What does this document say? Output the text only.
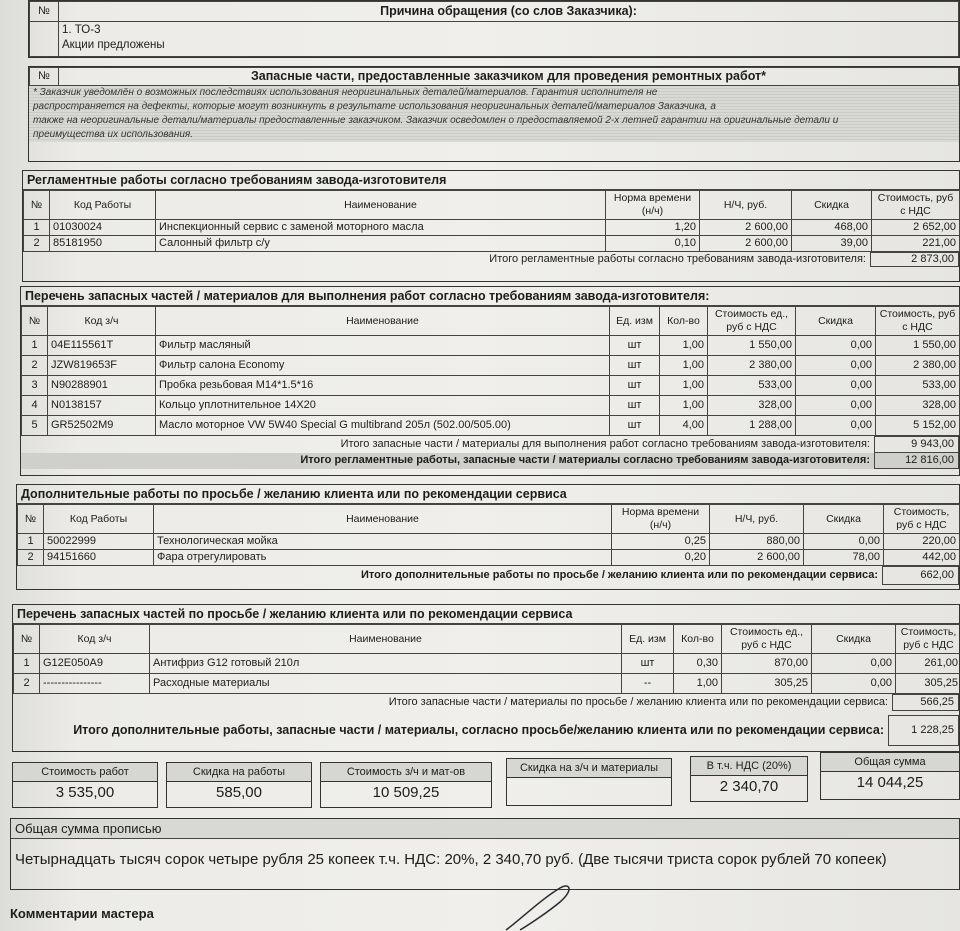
№	Причина обращения (со слов Заказчика):

	1. ТО-3
Акции предложены
№	Запасные части, предоставленные заказчиком для проведения ремонтных работ*
* Заказчик уведомлён о возможных последствиях использования неоригинальных деталей/материалов. Гарантия исполнителя не
распространяется на дефекты, которые могут возникнуть в результате использования неоригинальных деталей/материалов Заказчика, а
также на неоригинальные детали/материалы предоставленные заказчиком. Заказчик осведомлен о предоставляемой 2-х летней гарантии на оригинальные детали и
преимущества их использования.
Регламентные работы согласно требованиям завода-изготовителя
№	Код Работы	Наименование	Норма времени (н/ч)	Н/Ч, руб.	Скидка	Стоимость, руб с НДС
1	01030024	Инспекционный сервис с заменой моторного масла	1,20	2 600,00	468,00	2 652,00
2	85181950	Салонный фильтр с/у	0,10	2 600,00	39,00	221,00
Итого регламентные работы согласно требованиям завода-изготовителя:	2 873,00
Перечень запасных частей / материалов для выполнения работ согласно требованиям завода-изготовителя:
№	Код з/ч	Наименование	Ед. изм	Кол-во	Стоимость ед., руб с НДС	Скидка	Стоимость, руб с НДС
1	04E115561T	Фильтр масляный	шт	1,00	1 550,00	0,00	1 550,00
2	JZW819653F	Фильтр салона Economy	шт	1,00	2 380,00	0,00	2 380,00
3	N90288901	Пробка резьбовая M14*1.5*16	шт	1,00	533,00	0,00	533,00
4	N0138157	Кольцо уплотнительное 14X20	шт	1,00	328,00	0,00	328,00
5	GR52502M9	Масло моторное VW 5W40 Special G multibrand 205л (502.00/505.00)	шт	4,00	1 288,00	0,00	5 152,00
Итого запасные части / материалы для выполнения работ согласно требованиям завода-изготовителя:	9 943,00
Итого регламентные работы, запасные части / материалы согласно требованиям завода-изготовителя:	12 816,00
Дополнительные работы по просьбе / желанию клиента или по рекомендации сервиса
№	Код Работы	Наименование	Норма времени (н/ч)	Н/Ч, руб.	Скидка	Стоимость, руб с НДС
1	50022999	Технологическая мойка	0,25	880,00	0,00	220,00
2	94151660	Фара отрегулировать	0,20	2 600,00	78,00	442,00
Итого дополнительные работы по просьбе / желанию клиента или по рекомендации сервиса:	662,00
Перечень запасных частей по просьбе / желанию клиента или по рекомендации сервиса
№	Код з/ч	Наименование	Ед. изм	Кол-во	Стоимость ед., руб с НДС	Скидка	Стоимость, руб с НДС
1	G12E050A9	Антифриз G12 готовый 210л	шт	0,30	870,00	0,00	261,00
2	----------------	Расходные материалы	--	1,00	305,25	0,00	305,25
Итого запасные части / материалы по просьбе / желанию клиента или по рекомендации сервиса:	566,25
Итого дополнительные работы, запасные части / материалы, согласно просьбе/желанию клиента или по рекомендации сервиса:	1 228,25
Стоимость работ
3 535,00
Скидка на работы
585,00
Стоимость з/ч и мат-ов
10 509,25
Скидка на з/ч и материалы	В т.ч. НДС (20%)
2 340,70
Общая сумма
14 044,25
Общая сумма прописью
Четырнадцать тысяч сорок четыре рубля 25 копеек т.ч. НДС: 20%, 2 340,70 руб. (Две тысячи триста сорок рублей 70 копеек)
Комментарии мастера
